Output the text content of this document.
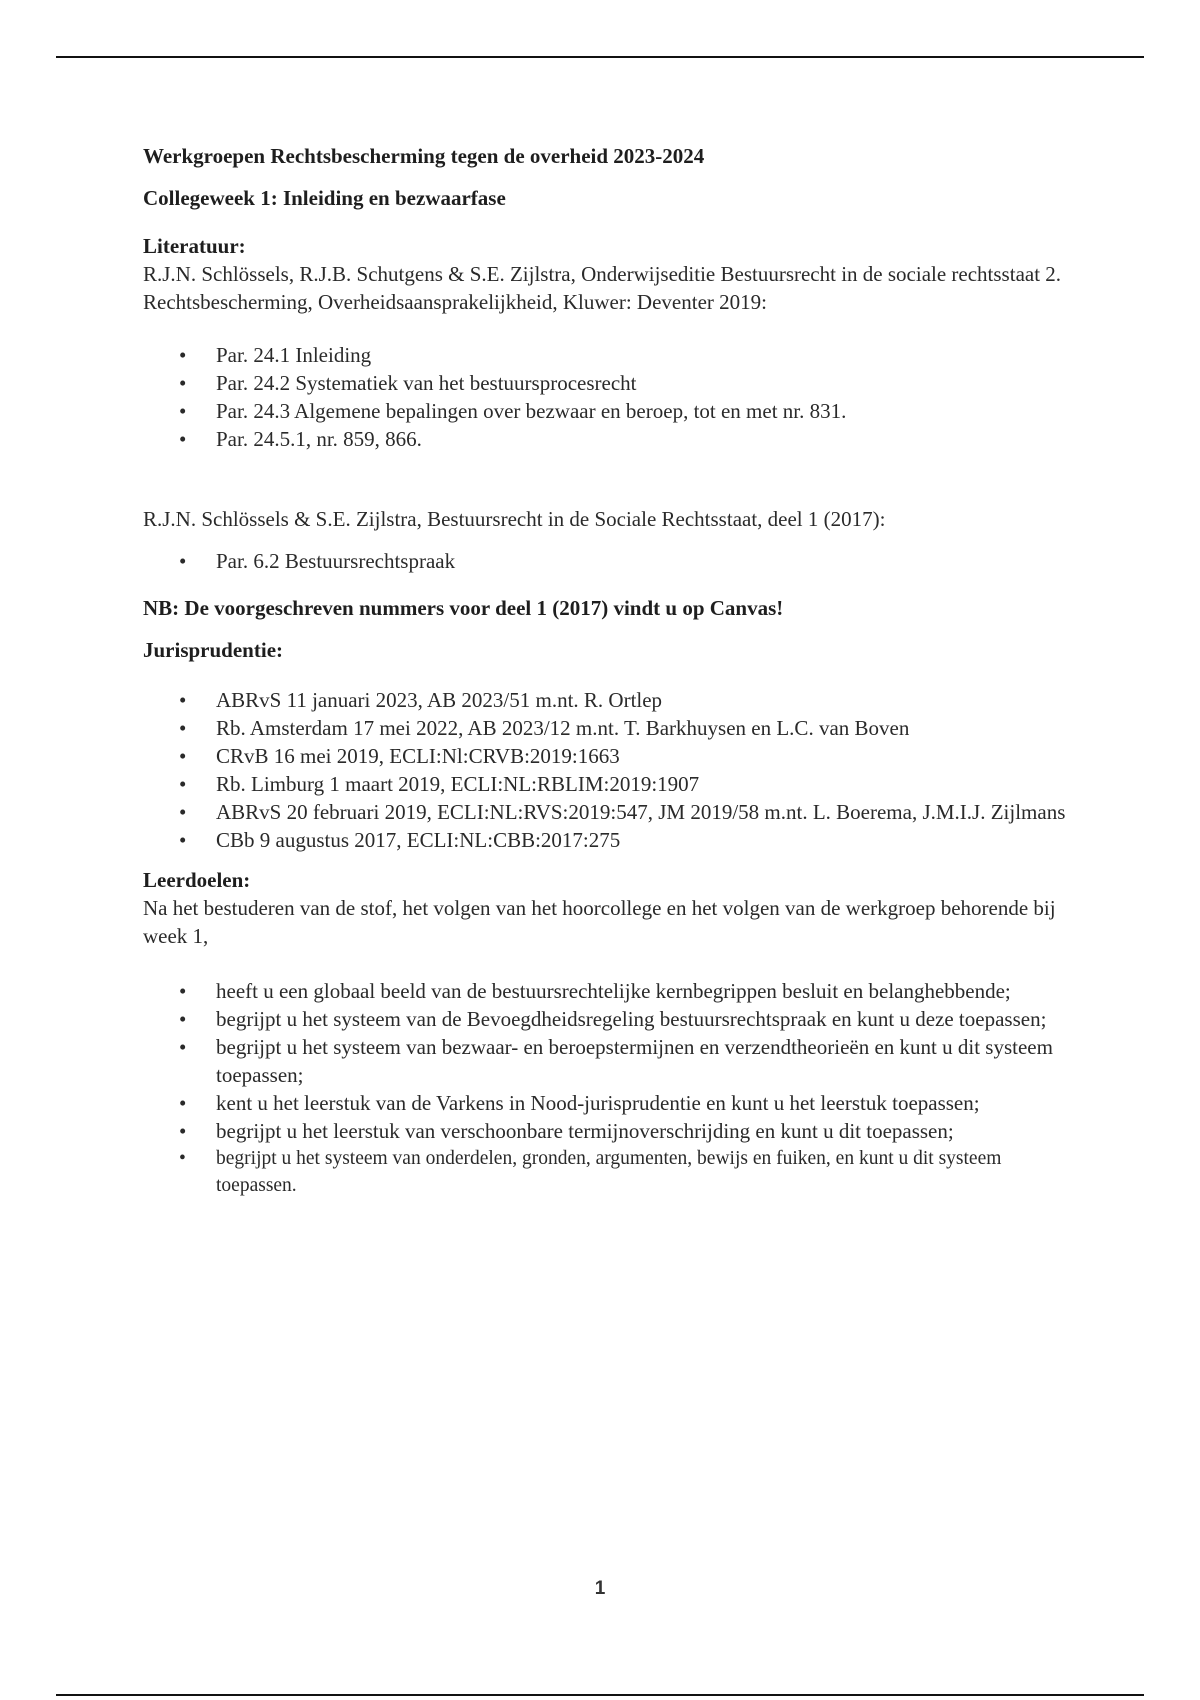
Werkgroepen Rechtsbescherming tegen de overheid 2023-2024

Collegeweek 1: Inleiding en bezwaarfase

Literatuur:

R.J.N. Schlössels, R.J.B. Schutgens & S.E. Zijlstra, Onderwijseditie Bestuursrecht in de sociale rechtsstaat 2. Rechtsbescherming, Overheidsaansprakelijkheid, Kluwer: Deventer 2019:

• Par. 24.1 Inleiding
• Par. 24.2 Systematiek van het bestuursprocesrecht
• Par. 24.3 Algemene bepalingen over bezwaar en beroep, tot en met nr. 831.
• Par. 24.5.1, nr. 859, 866.

R.J.N. Schlössels & S.E. Zijlstra, Bestuursrecht in de Sociale Rechtsstaat, deel 1 (2017):

• Par. 6.2 Bestuursrechtspraak

NB: De voorgeschreven nummers voor deel 1 (2017) vindt u op Canvas!

Jurisprudentie:

• ABRvS 11 januari 2023, AB 2023/51 m.nt. R. Ortlep
• Rb. Amsterdam 17 mei 2022, AB 2023/12 m.nt. T. Barkhuysen en L.C. van Boven
• CRvB 16 mei 2019, ECLI:Nl:CRVB:2019:1663
• Rb. Limburg 1 maart 2019, ECLI:NL:RBLIM:2019:1907
• ABRvS 20 februari 2019, ECLI:NL:RVS:2019:547, JM 2019/58 m.nt. L. Boerema, J.M.I.J. Zijlmans
• CBb 9 augustus 2017, ECLI:NL:CBB:2017:275

Leerdoelen:

Na het bestuderen van de stof, het volgen van het hoorcollege en het volgen van de werkgroep behorende bij week 1,

• heeft u een globaal beeld van de bestuursrechtelijke kernbegrippen besluit en belanghebbende;
• begrijpt u het systeem van de Bevoegdheidsregeling bestuursrechtspraak en kunt u deze toepassen;
• begrijpt u het systeem van bezwaar- en beroepstermijnen en verzendtheorieën en kunt u dit systeem toepassen;
• kent u het leerstuk van de Varkens in Nood-jurisprudentie en kunt u het leerstuk toepassen;
• begrijpt u het leerstuk van verschoonbare termijnoverschrijding en kunt u dit toepassen;
• begrijpt u het systeem van onderdelen, gronden, argumenten, bewijs en fuiken, en kunt u dit systeem toepassen.
1
